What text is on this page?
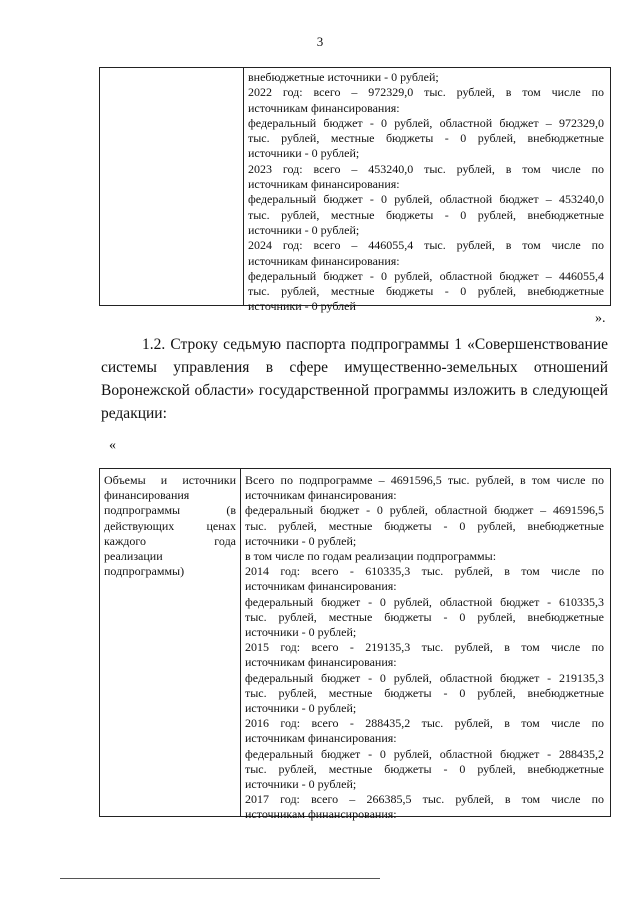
3
внебюджетные источники - 0 рублей;
2022 год: всего – 972329,0 тыс. рублей, в том числе по
источникам финансирования:
федеральный бюджет - 0 рублей, областной бюджет – 972329,0
тыс. рублей, местные бюджеты - 0 рублей, внебюджетные
источники - 0 рублей;
2023 год: всего – 453240,0 тыс. рублей, в том числе по
источникам финансирования:
федеральный бюджет - 0 рублей, областной бюджет – 453240,0
тыс. рублей, местные бюджеты - 0 рублей, внебюджетные
источники - 0 рублей;
2024 год: всего – 446055,4 тыс. рублей, в том числе по
источникам финансирования:
федеральный бюджет - 0 рублей, областной бюджет – 446055,4
тыс. рублей, местные бюджеты - 0 рублей, внебюджетные
источники - 0 рублей
».
1.2. Строку седьмую паспорта подпрограммы 1 «Совершенствование
системы управления в сфере имущественно-земельных отношений
Воронежской области» государственной программы изложить в следующей
редакции:
«
Объемы и источники
финансирования
подпрограммы (в
действующих ценах
каждого года
реализации
подпрограммы)
Всего по подпрограмме – 4691596,5 тыс. рублей, в том числе по
источникам финансирования:
федеральный бюджет - 0 рублей, областной бюджет – 4691596,5
тыс. рублей, местные бюджеты - 0 рублей, внебюджетные
источники - 0 рублей;
в том числе по годам реализации подпрограммы:
2014 год: всего - 610335,3 тыс. рублей, в том числе по
источникам финансирования:
федеральный бюджет - 0 рублей, областной бюджет - 610335,3
тыс. рублей, местные бюджеты - 0 рублей, внебюджетные
источники - 0 рублей;
2015 год: всего - 219135,3 тыс. рублей, в том числе по
источникам финансирования:
федеральный бюджет - 0 рублей, областной бюджет - 219135,3
тыс. рублей, местные бюджеты - 0 рублей, внебюджетные
источники - 0 рублей;
2016 год: всего - 288435,2 тыс. рублей, в том числе по
источникам финансирования:
федеральный бюджет - 0 рублей, областной бюджет - 288435,2
тыс. рублей, местные бюджеты - 0 рублей, внебюджетные
источники - 0 рублей;
2017 год: всего – 266385,5 тыс. рублей, в том числе по
источникам финансирования:
